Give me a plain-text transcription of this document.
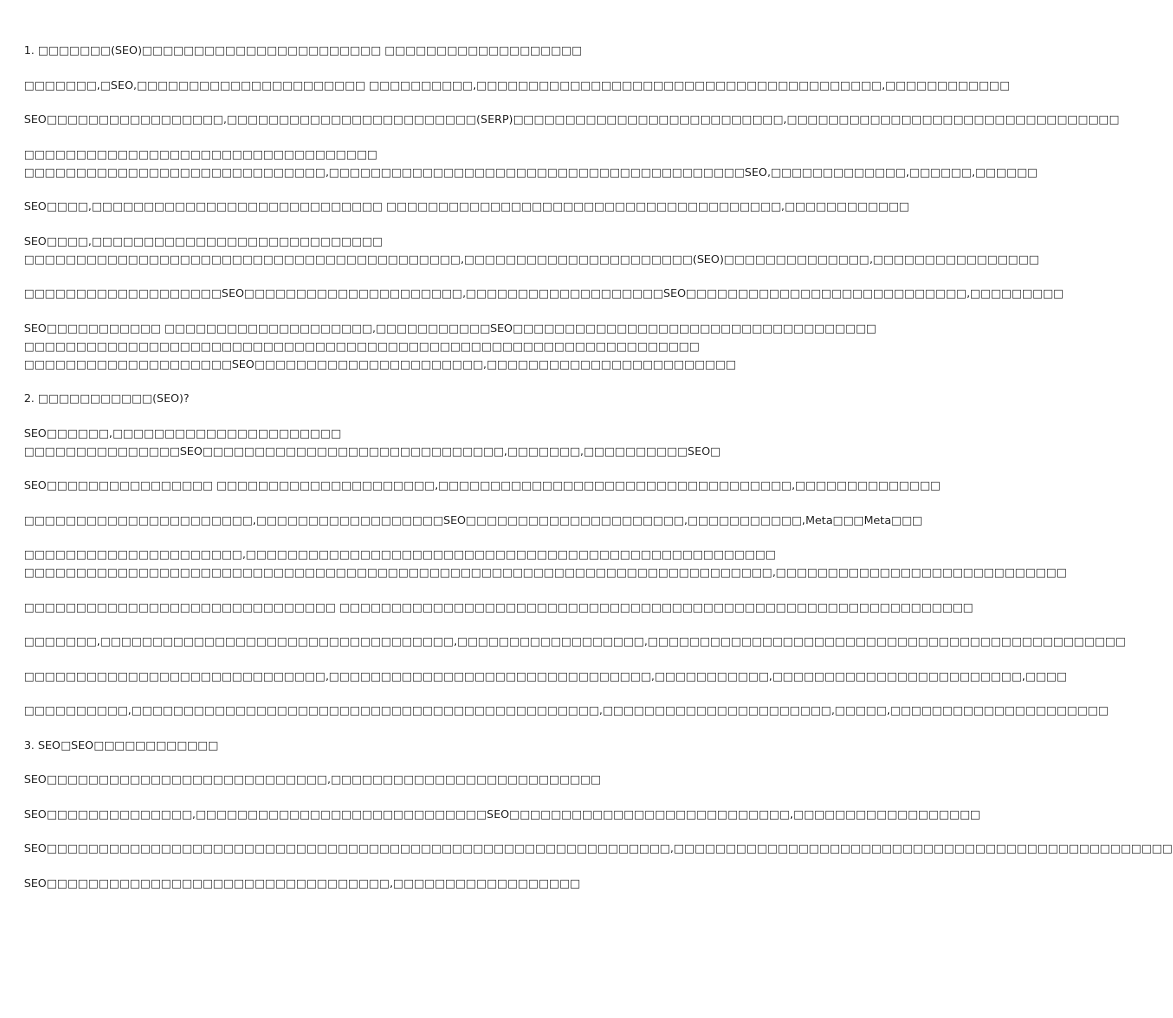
1. □□□□□□□(SEO)□□□□□□□□□□□□□□□□□□□□□□□ □□□□□□□□□□□□□□□□□□□
□□□□□□□,□SEO,□□□□□□□□□□□□□□□□□□□□□□ □□□□□□□□□□,□□□□□□□□□□□□□□□□□□□□□□□□□□□□□□□□□□□□□□□,□□□□□□□□□□□□
SEO□□□□□□□□□□□□□□□□□,□□□□□□□□□□□□□□□□□□□□□□□□(SERP)□□□□□□□□□□□□□□□□□□□□□□□□□□,□□□□□□□□□□□□□□□□□□□□□□□□□□□□□□□□
□□□□□□□□□□□□□□□□□□□□□□□□□□□□□□□□□□
□□□□□□□□□□□□□□□□□□□□□□□□□□□□□,□□□□□□□□□□□□□□□□□□□□□□□□□□□□□□□□□□□□□□□□SEO,□□□□□□□□□□□□□,□□□□□□,□□□□□□
SEO□□□□,□□□□□□□□□□□□□□□□□□□□□□□□□□□□ □□□□□□□□□□□□□□□□□□□□□□□□□□□□□□□□□□□□□□,□□□□□□□□□□□□
SEO□□□□,□□□□□□□□□□□□□□□□□□□□□□□□□□□□
□□□□□□□□□□□□□□□□□□□□□□□□□□□□□□□□□□□□□□□□□□,□□□□□□□□□□□□□□□□□□□□□□(SEO)□□□□□□□□□□□□□□,□□□□□□□□□□□□□□□□
□□□□□□□□□□□□□□□□□□□SEO□□□□□□□□□□□□□□□□□□□□□,□□□□□□□□□□□□□□□□□□□SEO□□□□□□□□□□□□□□□□□□□□□□□□□□□,□□□□□□□□□
SEO□□□□□□□□□□□ □□□□□□□□□□□□□□□□□□□□,□□□□□□□□□□□SEO□□□□□□□□□□□□□□□□□□□□□□□□□□□□□□□□□□□
□□□□□□□□□□□□□□□□□□□□□□□□□□□□□□□□□□□□□□□□□□□□□□□□□□□□□□□□□□□□□□□□□
□□□□□□□□□□□□□□□□□□□□SEO□□□□□□□□□□□□□□□□□□□□□□,□□□□□□□□□□□□□□□□□□□□□□□□
2. □□□□□□□□□□□(SEO)?
SEO□□□□□□,□□□□□□□□□□□□□□□□□□□□□□
□□□□□□□□□□□□□□□SEO□□□□□□□□□□□□□□□□□□□□□□□□□□□□□,□□□□□□□,□□□□□□□□□□SEO□
SEO□□□□□□□□□□□□□□□□ □□□□□□□□□□□□□□□□□□□□□,□□□□□□□□□□□□□□□□□□□□□□□□□□□□□□□□□□,□□□□□□□□□□□□□□
□□□□□□□□□□□□□□□□□□□□□□,□□□□□□□□□□□□□□□□□□SEO□□□□□□□□□□□□□□□□□□□□□,□□□□□□□□□□□,Meta□□□Meta□□□
□□□□□□□□□□□□□□□□□□□□□,□□□□□□□□□□□□□□□□□□□□□□□□□□□□□□□□□□□□□□□□□□□□□□□□□□□
□□□□□□□□□□□□□□□□□□□□□□□□□□□□□□□□□□□□□□□□□□□□□□□□□□□□□□□□□□□□□□□□□□□□□□□□,□□□□□□□□□□□□□□□□□□□□□□□□□□□□
□□□□□□□□□□□□□□□□□□□□□□□□□□□□□□ □□□□□□□□□□□□□□□□□□□□□□□□□□□□□□□□□□□□□□□□□□□□□□□□□□□□□□□□□□□□□
□□□□□□□,□□□□□□□□□□□□□□□□□□□□□□□□□□□□□□□□□□,□□□□□□□□□□□□□□□□□□,□□□□□□□□□□□□□□□□□□□□□□□□□□□□□□□□□□□□□□□□□□□□□□
□□□□□□□□□□□□□□□□□□□□□□□□□□□□□,□□□□□□□□□□□□□□□□□□□□□□□□□□□□□□□,□□□□□□□□□□□,□□□□□□□□□□□□□□□□□□□□□□□□,□□□□
□□□□□□□□□□,□□□□□□□□□□□□□□□□□□□□□□□□□□□□□□□□□□□□□□□□□□□□□,□□□□□□□□□□□□□□□□□□□□□□,□□□□□,□□□□□□□□□□□□□□□□□□□□□
3. SEO□SEO□□□□□□□□□□□□
SEO□□□□□□□□□□□□□□□□□□□□□□□□□□□,□□□□□□□□□□□□□□□□□□□□□□□□□□
SEO□□□□□□□□□□□□□□,□□□□□□□□□□□□□□□□□□□□□□□□□□□□SEO□□□□□□□□□□□□□□□□□□□□□□□□□□□,□□□□□□□□□□□□□□□□□□
SEO□□□□□□□□□□□□□□□□□□□□□□□□□□□□□□□□□□□□□□□□□□□□□□□□□□□□□□□□□□□□,□□□□□□□□□□□□□□□□□□□□□□□□□□□□□□□□□□□□□□□□□□□□□□□□
SEO□□□□□□□□□□□□□□□□□□□□□□□□□□□□□□□□□,□□□□□□□□□□□□□□□□□□
